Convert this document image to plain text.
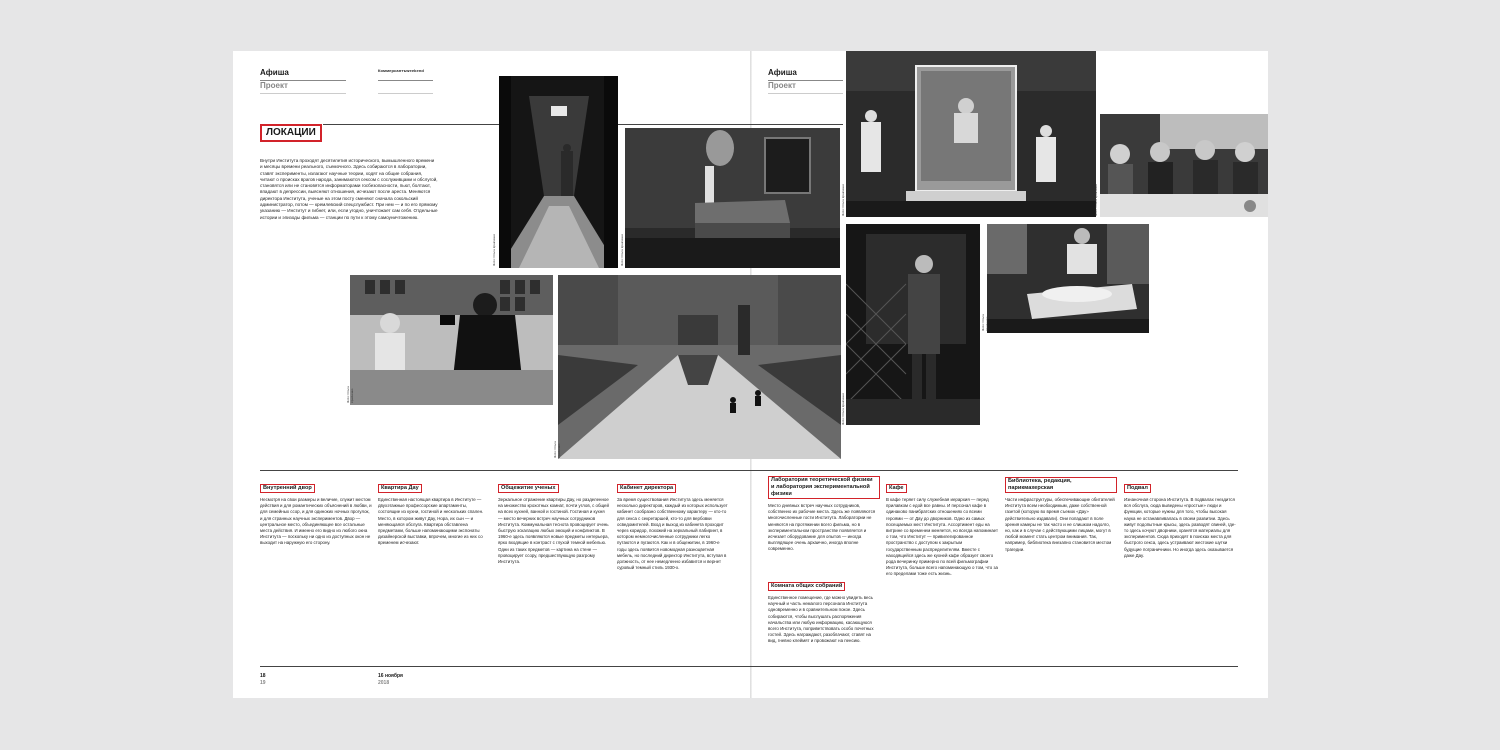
Афиша
Проект
Коммерсантъweekend	Афиша
Проект
ЛОКАЦИИ
Внутри Института проходят десятилетия исторического, вымышленного времени и месяцы времени реального, съемочного. Здесь собираются в лаборатории, ставят эксперименты, излагают научные теории, ходят на общие собрания, читают о происках врагов народа, занимаются сексом с сослуживцами и обслугой, становятся или не становятся информаторами госбезопасности, пьют, болтают, впадают в депрессии, выясняют отношения, исчезают после ареста. Меняются директора Института, ученые на этом посту сменяют сначала сокольский администратор, потом — кремлевский спецслужбист. При нем — и по его прямому указанию — Институт и гибнет, или, если угодно, уничтожает сам себя. Отдельные истории и эпизоды фильма — станции по пути к этому самоуничтожению.
Фото: Ольга Кравченко	Фото: Ольга Кравченко
Фото: Ольга Кравченко
Фото: Ольга Кравченко
Фото: Ольга Кравченко	Фото: Ольга Кравченко
Фото: Ольга Кравченко
Фото: Ольга Кравченко
Внутренний двор
Несмотря на свои размеры и величие, служит местом действия и для романтических объяснений в любви, и для семейных ссор, и для одиноких ночных прогулок, и для странных научных экспериментов. Двор — центральное место, объединяющее все остальные места действия. И именно его видно из любого окна Института — поскольку ни одно из доступных окон не выходит на наружную его сторону.
Квартира Дау
Единственная настоящая квартира в Институте — двухэтажные профессорские апартаменты, состоящие из кухни, гостиной и нескольких спален. Место, в котором живут Дау, Нора, их сын — и меняющаяся обслуга. Квартира обставлена предметами, больше напоминающими экспонаты дизайнерской выставки, впрочем, многие из них со временем исчезают.
Общежитие ученых
Зеркальное отражение квартиры Дау, но разделенное на множество крохотных комнат, почти углов, с общей на всех кухней, ванной и гостиной. Гостиная и кухня — место вечерних встреч научных сотрудников Института. Коммунальная теснота провоцирует очень быструю эскалацию любых эмоций и конфликтов. В 1960-е здесь появляются новые предметы интерьера, ярко входящие в контраст с глухой темной мебелью. Одни из таких предметов — картина на стене — провоцирует ссору, предшествующую разгрому Института.
Кабинет директора
За время существования Института здесь меняется несколько директоров, каждый из которых использует кабинет сообразно собственному характеру — кто-то для секса с секретаршей, кто-то для вербовки осведомителей. Вход и выход из кабинета проходит через коридор, похожий на зеркальный лабиринт, в котором немногочисленные сотрудники легко путаются и пугаются. Как и в общежитии, в 1960-е годы здесь появится новомодная разноцветная мебель, но последний директор Института, вступая в должность, от нее немедленно избавится и вернет суровый темный стиль 1930-х.
Лаборатория теоретической физики и лаборатория экспериментальной физики
Место дневных встреч научных сотрудников, собственно их рабочие места. Здесь же появляются многочисленные гости Института. Лаборатории не меняются на протяжении всего фильма, но в экспериментальном пространстве появляется и исчезает оборудование для опытов — иногда выглядящее очень архаично, иногда вполне современно.
Комната общих собраний
Единственное помещение, где можно увидеть весь научный и часть немалого персонала Института одновременно и в сравнительном покое. Здесь собираются, чтобы выслушать распоряжения начальства или любую информацию, касающуюся всего Института, поприветствовать особо почетных гостей. Здесь награждают, разоблачают, ставят на вид, гневно клеймят и провожают на пенсию.
Кафе
В кафе теряет силу служебная иерархия — перед прилавком с едой все равны. И персонал кафе в одинаково панибратских отношениях со всеми героями — от Дау до дворников. Одно из самых посещаемых мест Института. Ассортимент еды на витрине со временем меняется, но всегда напоминает о том, что Институт — привилегированное пространство с доступом к закрытым государственным распределителям. Вместе с находящейся здесь же кухней кафе образует своего рода вечеринку примерно по всей фильмографии Института, больше всего напоминающую о том, что за его пределами тоже есть жизнь.
Библиотека, редакция, парикмахерская
Части инфраструктуры, обеспечивающие обитателей Института всем необходимым, даже собственной газетой (которую во время съемок «Дау» действительно издавали). Они попадают в поле зрения камеры не так часто и не слишком надолго, но, как и в случае с действующими лицами, могут в любой момент стать центром внимания. Так, например, библиотека внезапно становится местом трагедии.
Подвал
Изнаночная сторона Института. В подвалах гнездится вся обслуга, сюда выведены «простые» люди и функции, которые нужны для того, чтобы высокая наука не останавливалась в своем развитии. Здесь живут подопытные крысы, здесь разводят свиней, где-то здесь кочуют дворники, хранятся материалы для экспериментов. Сюда приходят в поисках места для быстрого секса, здесь устраивают жестокие шутки будущие пограничники. Но иногда здесь оказывается даже Дау.
18
19
16 ноября
2018
